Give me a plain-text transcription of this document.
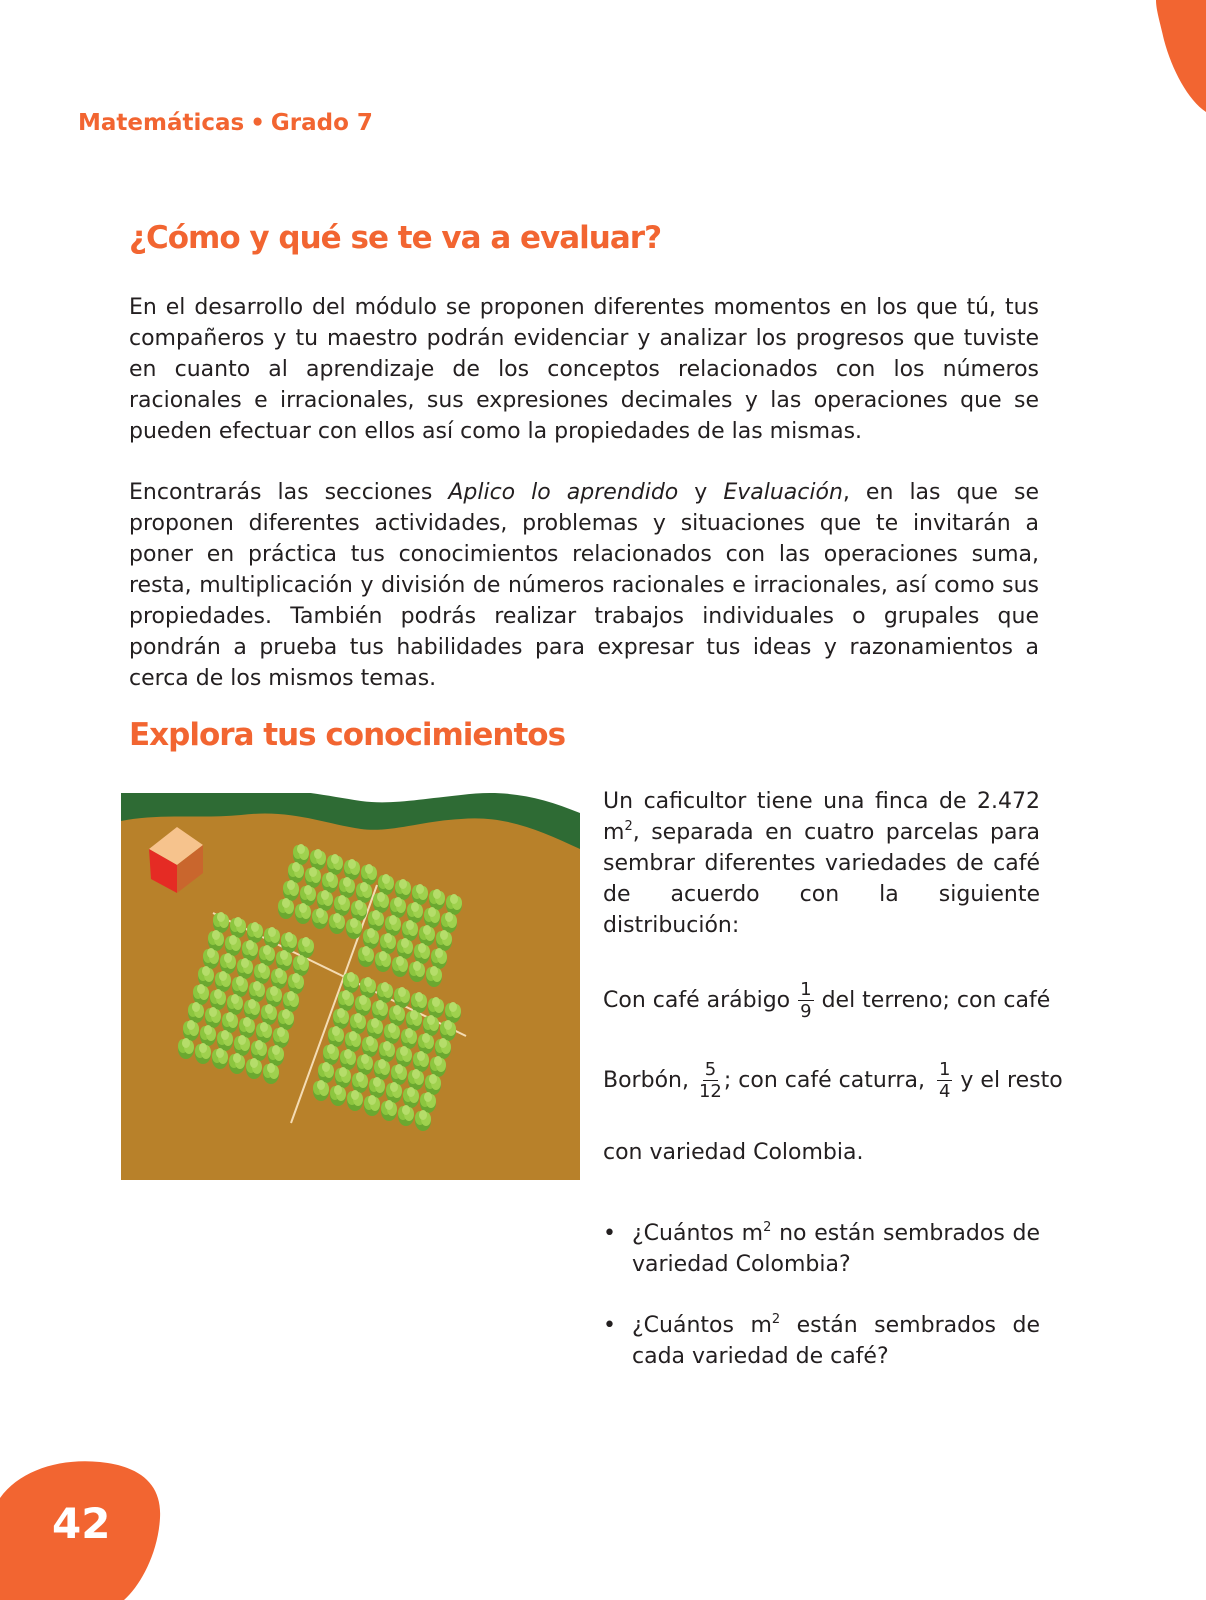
Matemáticas • Grado 7

¿Cómo y qué se te va a evaluar?

En el desarrollo del módulo se proponen diferentes momentos en los que tú, tus compañeros y tu maestro podrán evidenciar y analizar los progresos que tuviste en cuanto al aprendizaje de los conceptos relacionados con los números racionales e irracionales, sus expresiones decimales y las operaciones que se pueden efectuar con ellos así como la propiedades de las mismas.

Encontrarás las secciones Aplico lo aprendido y Evaluación, en las que se proponen diferentes actividades, problemas y situaciones que te invitarán a poner en práctica tus conocimientos relacionados con las operaciones suma, resta, multiplicación y división de números racionales e irracionales, así como sus propiedades. También podrás realizar trabajos individuales o grupales que pondrán a prueba tus habilidades para expresar tus ideas y razonamientos a cerca de los mismos temas.

Explora tus conocimientos

Un caficultor tiene una finca de 2.472 $m^2$, separada en cuatro parcelas para sembrar diferentes variedades de café de acuerdo con la siguiente distribución:

Con café arábigo $\frac{1}{9}$ del terreno; con café
Borbón, $\frac{5}{12}$ ; con café caturra, $\frac{1}{4}$ y el resto
con variedad Colombia.

• ¿Cuántos $m^2$ no están sembrados de variedad Colombia?

• ¿Cuántos $m^2$ están sembrados de cada variedad de café?

42
